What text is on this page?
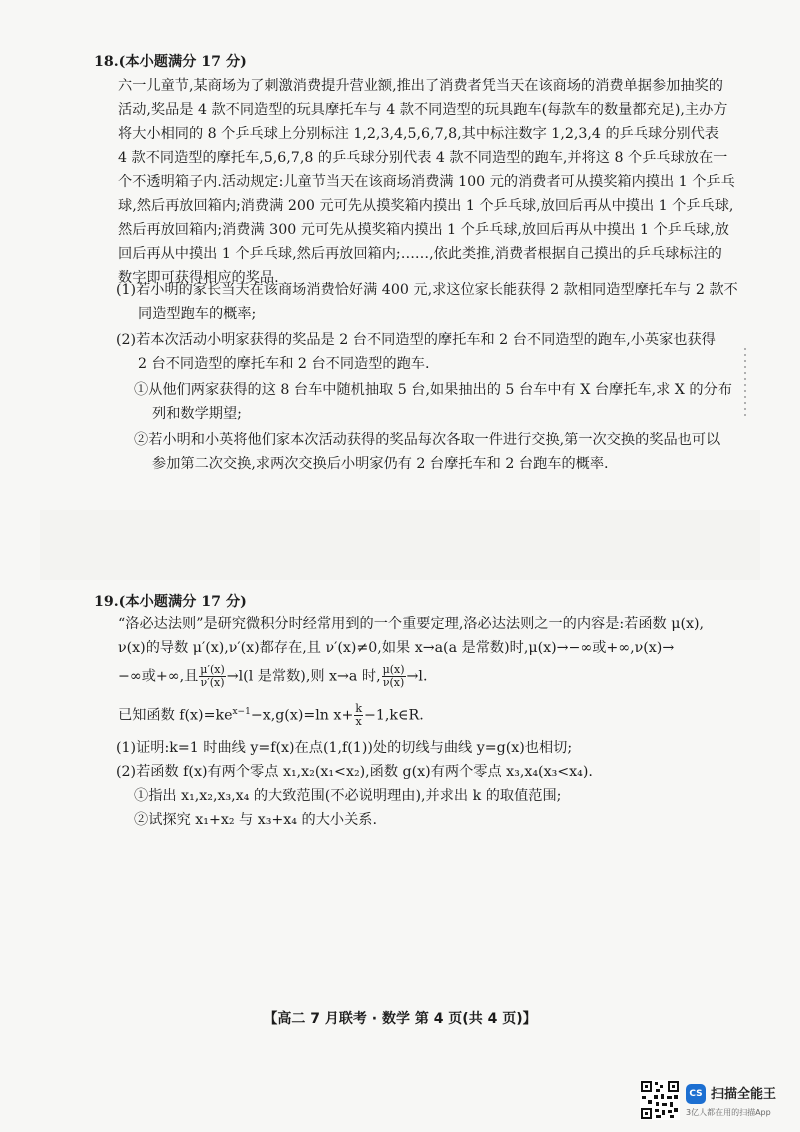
18.(本小题满分 17 分)
六一儿童节,某商场为了刺激消费提升营业额,推出了消费者凭当天在该商场的消费单据参加抽奖的
活动,奖品是 4 款不同造型的玩具摩托车与 4 款不同造型的玩具跑车(每款车的数量都充足),主办方
将大小相同的 8 个乒乓球上分别标注 1,2,3,4,5,6,7,8,其中标注数字 1,2,3,4 的乒乓球分别代表
4 款不同造型的摩托车,5,6,7,8 的乒乓球分别代表 4 款不同造型的跑车,并将这 8 个乒乓球放在一
个不透明箱子内.活动规定:儿童节当天在该商场消费满 100 元的消费者可从摸奖箱内摸出 1 个乒乓
球,然后再放回箱内;消费满 200 元可先从摸奖箱内摸出 1 个乒乓球,放回后再从中摸出 1 个乒乓球,
然后再放回箱内;消费满 300 元可先从摸奖箱内摸出 1 个乒乓球,放回后再从中摸出 1 个乒乓球,放
回后再从中摸出 1 个乒乓球,然后再放回箱内;……,依此类推,消费者根据自己摸出的乒乓球标注的
数字即可获得相应的奖品.
(1)若小明的家长当天在该商场消费恰好满 400 元,求这位家长能获得 2 款相同造型摩托车与 2 款不
同造型跑车的概率;
(2)若本次活动小明家获得的奖品是 2 台不同造型的摩托车和 2 台不同造型的跑车,小英家也获得
2 台不同造型的摩托车和 2 台不同造型的跑车.
①从他们两家获得的这 8 台车中随机抽取 5 台,如果抽出的 5 台车中有 X 台摩托车,求 X 的分布
列和数学期望;
②若小明和小英将他们家本次活动获得的奖品每次各取一件进行交换,第一次交换的奖品也可以
参加第二次交换,求两次交换后小明家仍有 2 台摩托车和 2 台跑车的概率.
19.(本小题满分 17 分)
“洛必达法则”是研究微积分时经常用到的一个重要定理,洛必达法则之一的内容是:若函数 μ(x),
ν(x)的导数 μ′(x),ν′(x)都存在,且 ν′(x)≠0,如果 x→a(a 是常数)时,μ(x)→−∞或+∞,ν(x)→
−∞或+∞,且 $\frac{\mu'(x)}{\nu'(x)} \to l(l$ 是常数),则 x→a 时, $\frac{\mu(x)}{\nu(x)} \to l$.
已知函数 $f(x)=ke^{x-1}-x,g(x)=\ln$ $x+ \frac{k}{x}$ −1,k∈R.
(1)证明:k=1 时曲线 y=f(x)在点(1,f(1))处的切线与曲线 y=g(x)也相切;
(2)若函数 f(x)有两个零点 x₁,x₂(x₁<x₂),函数 g(x)有两个零点 x₃,x₄(x₃<x₄).
①指出 x₁,x₂,x₃,x₄ 的大致范围(不必说明理由),并求出 k 的取值范围;
②试探究 x₁+x₂ 与 x₃+x₄ 的大小关系.
【高二 7 月联考 · 数学 第 4 页(共 4 页)】
CS 扫描全能王
3亿人都在用的扫描App
